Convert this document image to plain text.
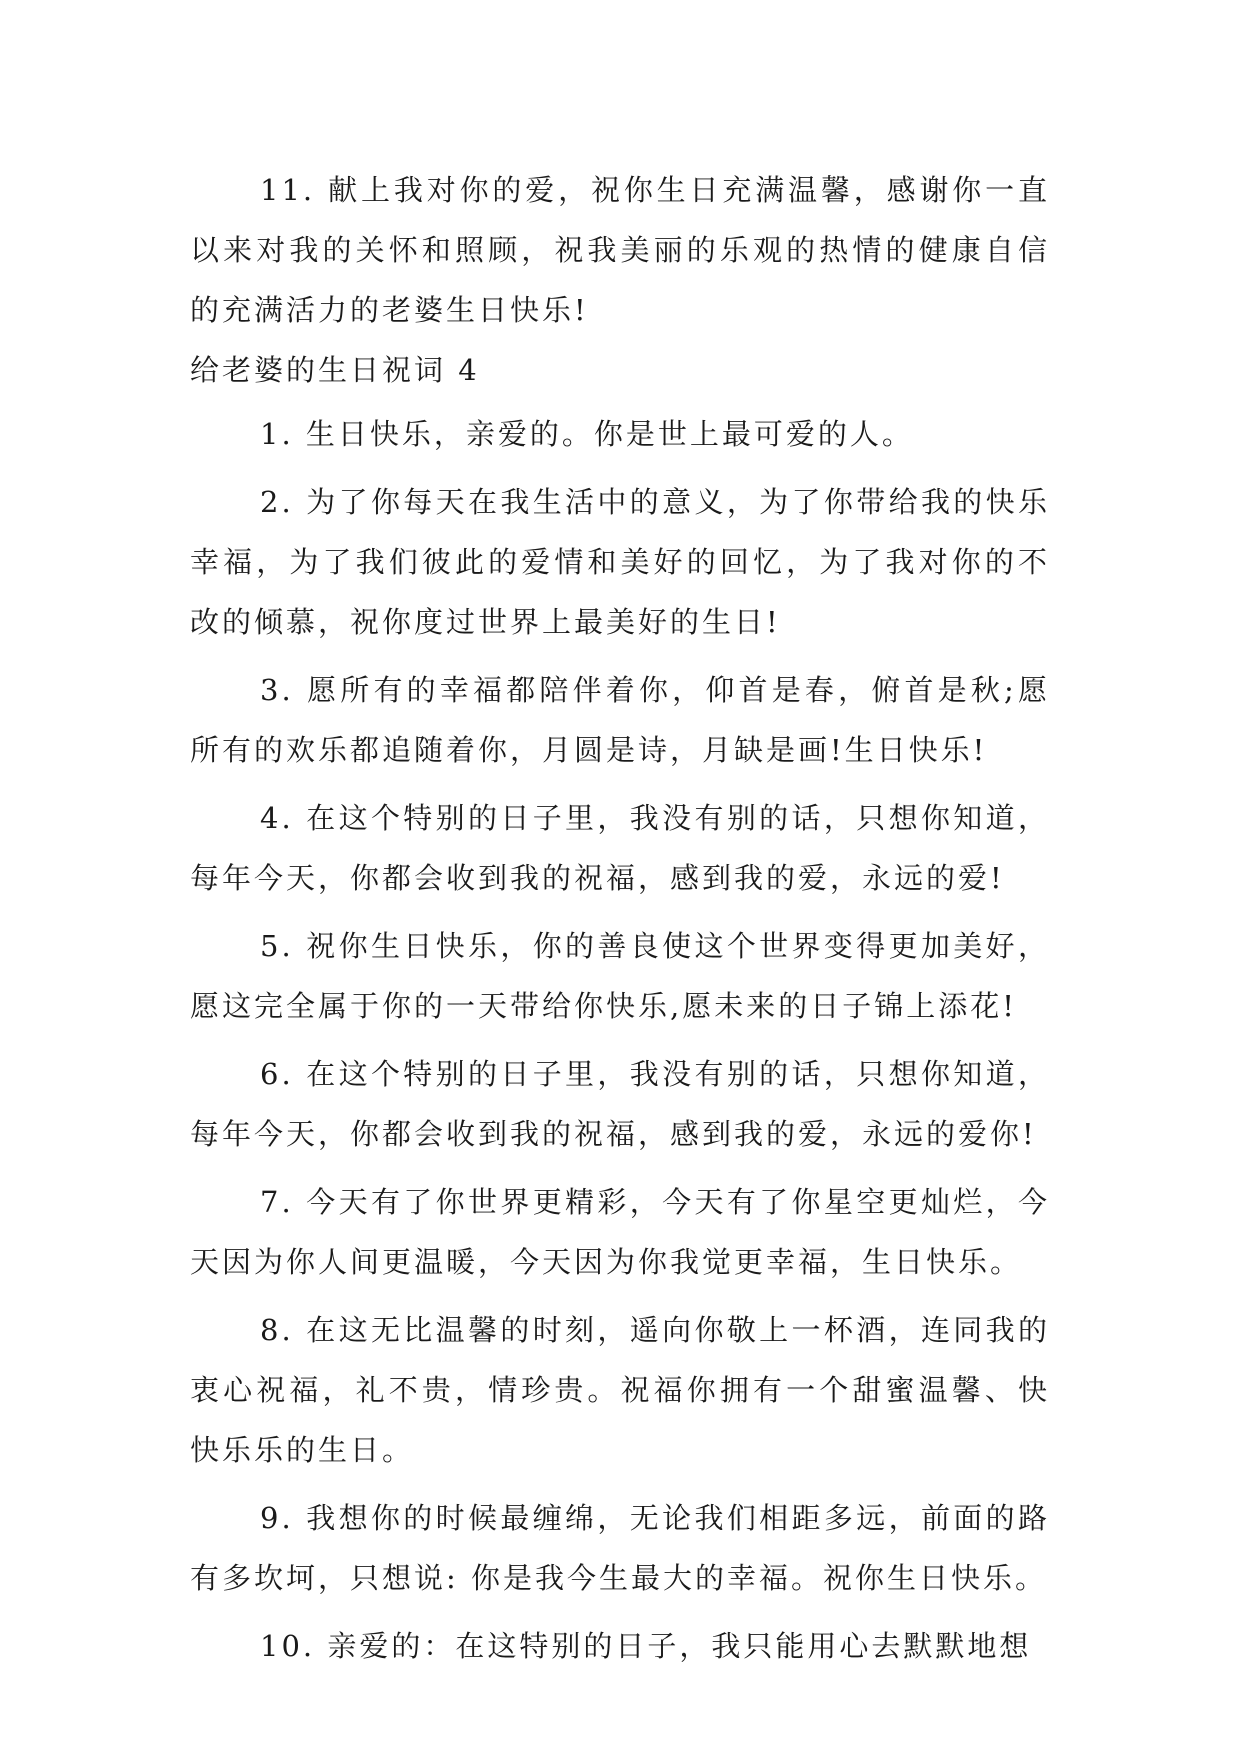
11. 献上我对你的爱，祝你生日充满温馨，感谢你一直以来对我的关怀和照顾，祝我美丽的乐观的热情的健康自信的充满活力的老婆生日快乐!

给老婆的生日祝词 4

1. 生日快乐，亲爱的。你是世上最可爱的人。

2. 为了你每天在我生活中的意义，为了你带给我的快乐幸福，为了我们彼此的爱情和美好的回忆，为了我对你的不改的倾慕，祝你度过世界上最美好的生日!

3. 愿所有的幸福都陪伴着你，仰首是春，俯首是秋;愿所有的欢乐都追随着你，月圆是诗，月缺是画!生日快乐!

4. 在这个特别的日子里，我没有别的话，只想你知道，每年今天，你都会收到我的祝福，感到我的爱，永远的爱!

5. 祝你生日快乐，你的善良使这个世界变得更加美好，愿这完全属于你的一天带给你快乐,愿未来的日子锦上添花!

6. 在这个特别的日子里，我没有别的话，只想你知道，每年今天，你都会收到我的祝福，感到我的爱，永远的爱你!

7. 今天有了你世界更精彩，今天有了你星空更灿烂，今天因为你人间更温暖，今天因为你我觉更幸福，生日快乐。

8. 在这无比温馨的时刻，遥向你敬上一杯酒，连同我的衷心祝福，礼不贵，情珍贵。祝福你拥有一个甜蜜温馨、快快乐乐的生日。

9. 我想你的时候最缠绵，无论我们相距多远，前面的路有多坎坷，只想说: 你是我今生最大的幸福。祝你生日快乐。

10. 亲爱的：在这特别的日子，我只能用心去默默地想
